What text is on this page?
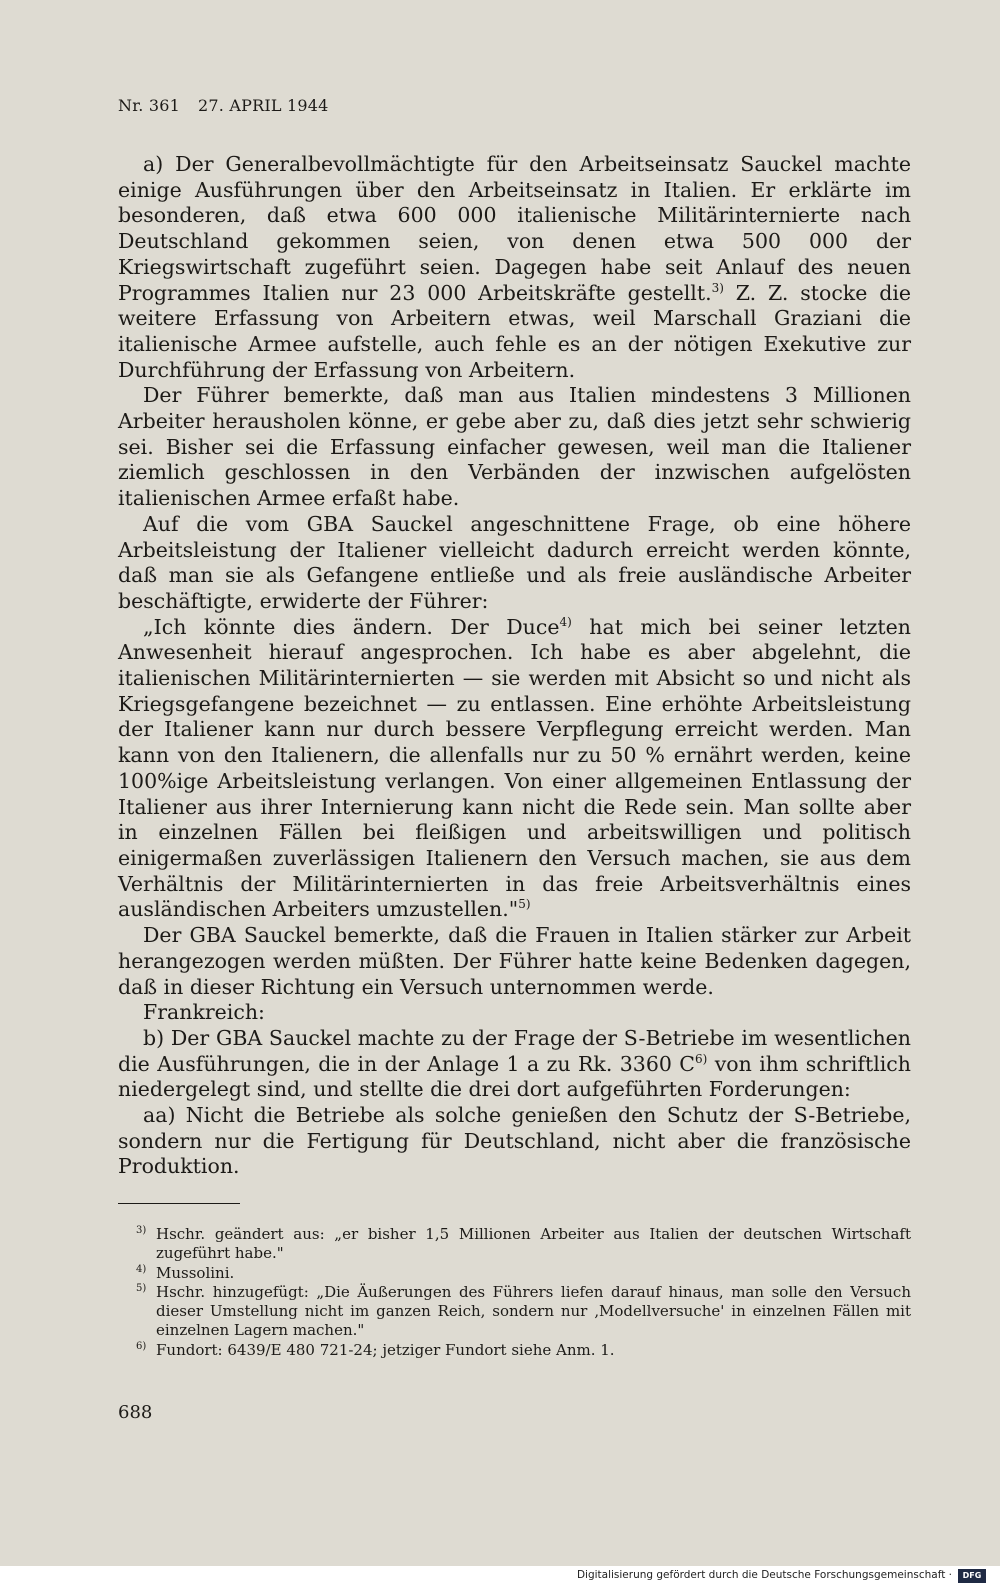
Nr. 361 27. APRIL 1944

a) Der Generalbevollmächtigte für den Arbeitseinsatz Sauckel machte einige Ausführungen über den Arbeitseinsatz in Italien. Er erklärte im besonderen, daß etwa 600 000 italienische Militärinternierte nach Deutschland gekommen seien, von denen etwa 500 000 der Kriegswirtschaft zugeführt seien. Dagegen habe seit Anlauf des neuen Programmes Italien nur 23 000 Arbeitskräfte gestellt.$^{3)}$ Z. Z. stocke die weitere Erfassung von Arbeitern etwas, weil Marschall Graziani die italienische Armee aufstelle, auch fehle es an der nötigen Exekutive zur Durchführung der Erfassung von Arbeitern.

Der Führer bemerkte, daß man aus Italien mindestens 3 Millionen Arbeiter herausholen könne, er gebe aber zu, daß dies jetzt sehr schwierig sei. Bisher sei die Erfassung einfacher gewesen, weil man die Italiener ziemlich geschlossen in den Verbänden der inzwischen aufgelösten italienischen Armee erfaßt habe.

Auf die vom GBA Sauckel angeschnittene Frage, ob eine höhere Arbeitsleistung der Italiener vielleicht dadurch erreicht werden könnte, daß man sie als Gefangene entließe und als freie ausländische Arbeiter beschäftigte, erwiderte der Führer:

„Ich könnte dies ändern. Der Duce$^{4)}$ hat mich bei seiner letzten Anwesenheit hierauf angesprochen. Ich habe es aber abgelehnt, die italienischen Militärinternierten — sie werden mit Absicht so und nicht als Kriegsgefangene bezeichnet — zu entlassen. Eine erhöhte Arbeitsleistung der Italiener kann nur durch bessere Verpflegung erreicht werden. Man kann von den Italienern, die allenfalls nur zu 50 % ernährt werden, keine 100%ige Arbeitsleistung verlangen. Von einer allgemeinen Entlassung der Italiener aus ihrer Internierung kann nicht die Rede sein. Man sollte aber in einzelnen Fällen bei fleißigen und arbeitswilligen und politisch einigermaßen zuverlässigen Italienern den Versuch machen, sie aus dem Verhältnis der Militärinternierten in das freie Arbeitsverhältnis eines ausländischen Arbeiters umzustellen."$^{5)}$

Der GBA Sauckel bemerkte, daß die Frauen in Italien stärker zur Arbeit herangezogen werden müßten. Der Führer hatte keine Bedenken dagegen, daß in dieser Richtung ein Versuch unternommen werde.

Frankreich:

b) Der GBA Sauckel machte zu der Frage der S-Betriebe im wesentlichen die Ausführungen, die in der Anlage 1 a zu Rk. 3360 $C^{6)}$ von ihm schriftlich niedergelegt sind, und stellte die drei dort aufgeführten Forderungen:

aa) Nicht die Betriebe als solche genießen den Schutz der S-Betriebe, sondern nur die Fertigung für Deutschland, nicht aber die französische Produktion.

$^{3)}$ Hschr. geändert aus: „er bisher 1,5 Millionen Arbeiter aus Italien der deutschen Wirtschaft zugeführt habe."
$^{4)}$ Mussolini.
$^{5)}$ Hschr. hinzugefügt: „Die Äußerungen des Führers liefen darauf hinaus, man solle den Versuch dieser Umstellung nicht im ganzen Reich, sondern nur ‚Modellversuche' in einzelnen Fällen mit einzelnen Lagern machen."
$^{6)}$ Fundort: 6439/E 480 721-24; jetziger Fundort siehe Anm. 1.
688
Digitalisierung gefördert durch die Deutsche Forschungsgemeinschaft ·	DFG
